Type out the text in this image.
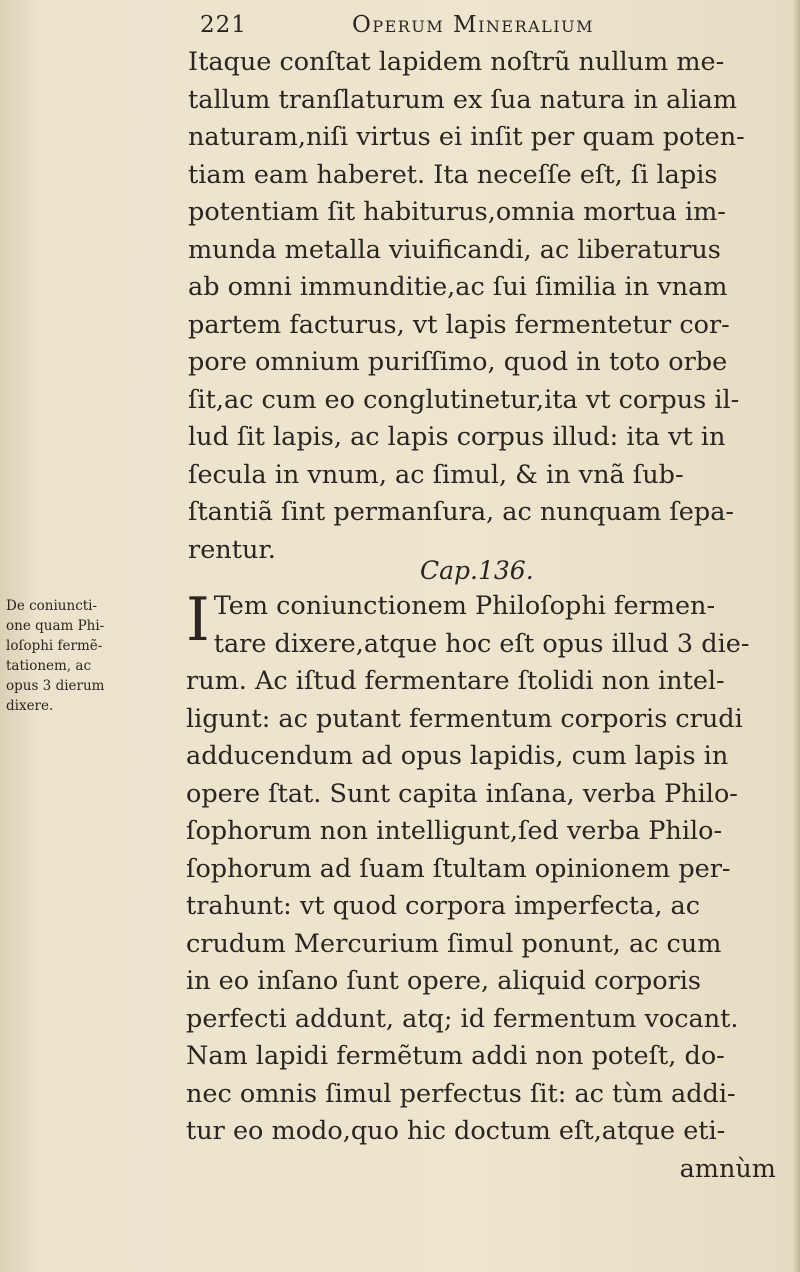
221	Operum Mineralium
Itaque conſtat lapidem noſtrũ nullum me-
tallum tranſlaturum ex ſua natura in aliam
naturam,niſi virtus ei inſit per quam poten-
tiam eam haberet. Ita neceſſe eſt, ſi lapis
potentiam ſit habiturus,omnia mortua im-
munda metalla viuificandi, ac liberaturus
ab omni immunditie,ac ſui ſimilia in vnam
partem facturus, vt lapis fermentetur cor-
pore omnium puriſſimo, quod in toto orbe
ſit,ac cum eo conglutinetur,ita vt corpus il-
lud ſit lapis, ac lapis corpus illud: ita vt in
ſecula in vnum, ac ſimul, & in vnã ſub-
ſtantiã ſint permanſura, ac nunquam ſepa-
rentur.
Cap.136.
De coniuncti-
one quam Phi-
loſophi fermẽ-
tationem, ac
opus 3 dierum
dixere.
I Tem coniunctionem Philoſophi fermen-
tare dixere,atque hoc eſt opus illud 3 die-
rum. Ac iſtud fermentare ſtolidi non intel-
ligunt: ac putant fermentum corporis crudi
adducendum ad opus lapidis, cum lapis in
opere ſtat. Sunt capita inſana, verba Philo-
ſophorum non intelligunt,ſed verba Philo-
ſophorum ad ſuam ſtultam opinionem per-
trahunt: vt quod corpora imperfecta, ac
crudum Mercurium ſimul ponunt, ac cum
in eo inſano ſunt opere, aliquid corporis
perfecti addunt, atq; id fermentum vocant.
Nam lapidi fermẽtum addi non poteſt, do-
nec omnis ſimul perfectus ſit: ac tùm addi-
tur eo modo,quo hic doctum eſt,atque eti-
amnùm
